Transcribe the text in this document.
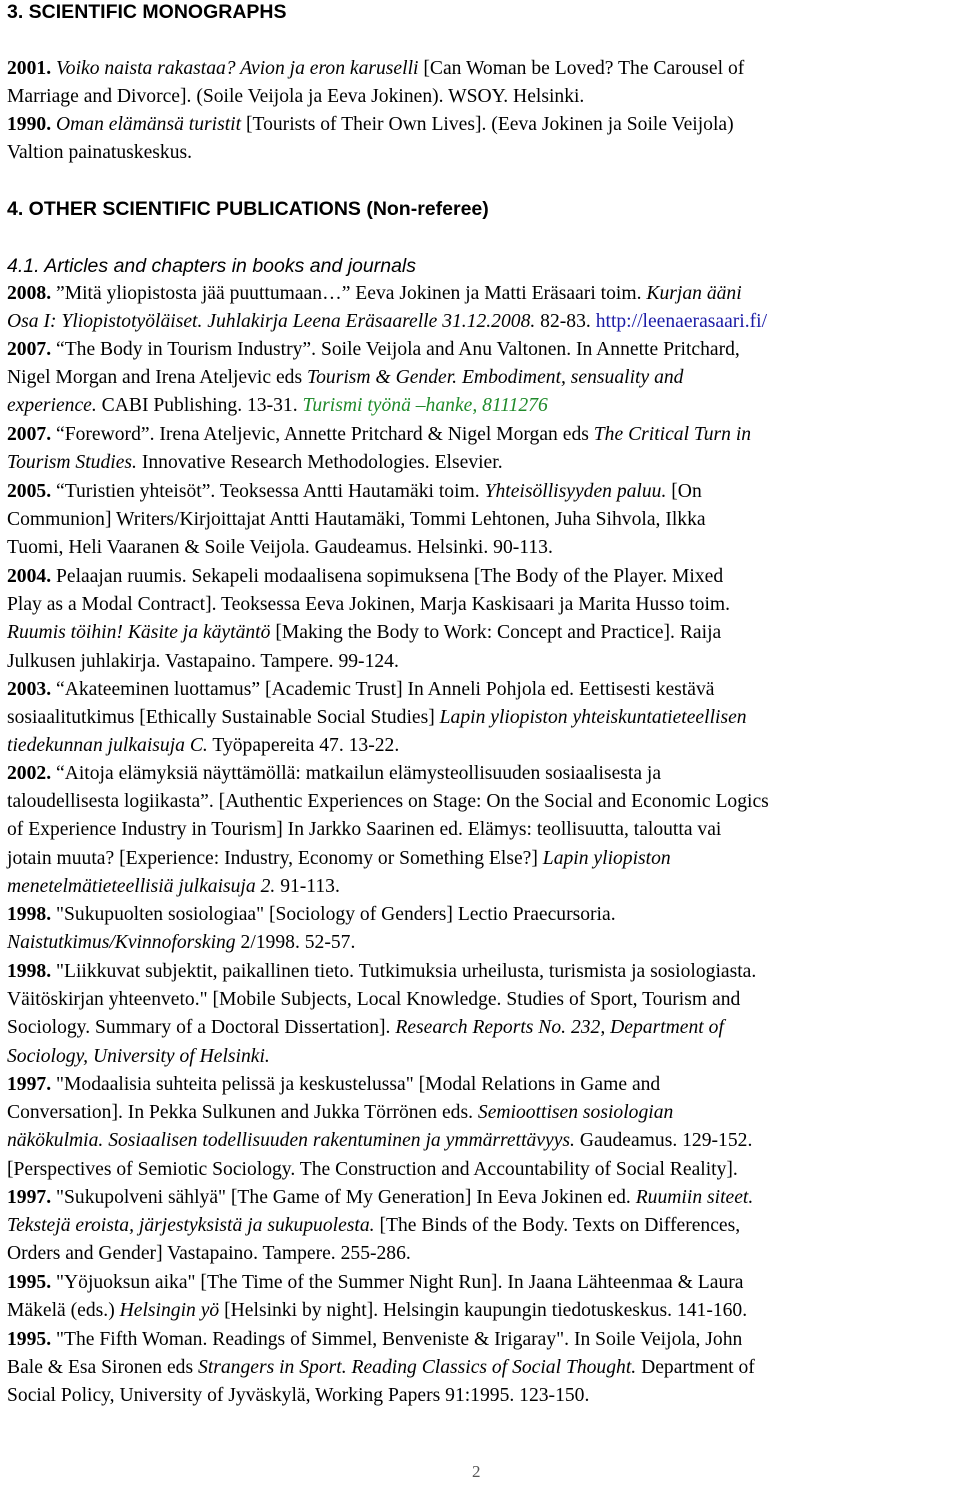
3. SCIENTIFIC MONOGRAPHS

2001. Voiko naista rakastaa? Avion ja eron karuselli [Can Woman be Loved? The Carousel of

Marriage and Divorce]. (Soile Veijola ja Eeva Jokinen). WSOY. Helsinki.

1990. Oman elämänsä turistit [Tourists of Their Own Lives]. (Eeva Jokinen ja Soile Veijola)

Valtion painatuskeskus.

4. OTHER SCIENTIFIC PUBLICATIONS (Non-referee)
4.1. Articles and chapters in books and journals

2008. ”Mitä yliopistosta jää puuttumaan…” Eeva Jokinen ja Matti Eräsaari toim. Kurjan ääni

Osa I: Yliopistotyöläiset. Juhlakirja Leena Eräsaarelle 31.12.2008. 82-83. http://leenaerasaari.fi/

2007. “The Body in Tourism Industry”. Soile Veijola and Anu Valtonen. In Annette Pritchard,

Nigel Morgan and Irena Ateljevic eds Tourism & Gender. Embodiment, sensuality and

experience. CABI Publishing. 13-31. Turismi työnä –hanke, 8111276

2007. “Foreword”. Irena Ateljevic, Annette Pritchard & Nigel Morgan eds The Critical Turn in

Tourism Studies. Innovative Research Methodologies. Elsevier.

2005. “Turistien yhteisöt”. Teoksessa Antti Hautamäki toim. Yhteisöllisyyden paluu. [On

Communion] Writers/Kirjoittajat Antti Hautamäki, Tommi Lehtonen, Juha Sihvola, Ilkka

Tuomi, Heli Vaaranen & Soile Veijola. Gaudeamus. Helsinki. 90-113.

2004. Pelaajan ruumis. Sekapeli modaalisena sopimuksena [The Body of the Player. Mixed

Play as a Modal Contract]. Teoksessa Eeva Jokinen, Marja Kaskisaari ja Marita Husso toim.

Ruumis töihin! Käsite ja käytäntö [Making the Body to Work: Concept and Practice]. Raija

Julkusen juhlakirja. Vastapaino. Tampere. 99-124.

2003. “Akateeminen luottamus” [Academic Trust] In Anneli Pohjola ed. Eettisesti kestävä

sosiaalitutkimus [Ethically Sustainable Social Studies] Lapin yliopiston yhteiskuntatieteellisen

tiedekunnan julkaisuja C. Työpapereita 47. 13-22.

2002. “Aitoja elämyksiä näyttämöllä: matkailun elämysteollisuuden sosiaalisesta ja

taloudellisesta logiikasta”. [Authentic Experiences on Stage: On the Social and Economic Logics

of Experience Industry in Tourism] In Jarkko Saarinen ed. Elämys: teollisuutta, taloutta vai

jotain muuta? [Experience: Industry, Economy or Something Else?] Lapin yliopiston

menetelmätieteellisiä julkaisuja 2. 91-113.

1998. "Sukupuolten sosiologiaa" [Sociology of Genders] Lectio Praecursoria.

Naistutkimus/Kvinnoforsking 2/1998. 52-57.

1998. "Liikkuvat subjektit, paikallinen tieto. Tutkimuksia urheilusta, turismista ja sosiologiasta.

Väitöskirjan yhteenveto." [Mobile Subjects, Local Knowledge. Studies of Sport, Tourism and

Sociology. Summary of a Doctoral Dissertation]. Research Reports No. 232, Department of

Sociology, University of Helsinki.

1997. "Modaalisia suhteita pelissä ja keskustelussa" [Modal Relations in Game and

Conversation]. In Pekka Sulkunen and Jukka Törrönen eds. Semioottisen sosiologian

näkökulmia. Sosiaalisen todellisuuden rakentuminen ja ymmärrettävyys. Gaudeamus. 129-152.

[Perspectives of Semiotic Sociology. The Construction and Accountability of Social Reality].

1997. "Sukupolveni sählyä" [The Game of My Generation] In Eeva Jokinen ed. Ruumiin siteet.

Tekstejä eroista, järjestyksistä ja sukupuolesta. [The Binds of the Body. Texts on Differences,

Orders and Gender] Vastapaino. Tampere. 255-286.

1995. "Yöjuoksun aika" [The Time of the Summer Night Run]. In Jaana Lähteenmaa & Laura

Mäkelä (eds.) Helsingin yö [Helsinki by night]. Helsingin kaupungin tiedotuskeskus. 141-160.

1995. "The Fifth Woman. Readings of Simmel, Benveniste & Irigaray". In Soile Veijola, John

Bale & Esa Sironen eds Strangers in Sport. Reading Classics of Social Thought. Department of

Social Policy, University of Jyväskylä, Working Papers 91:1995. 123-150.

2
